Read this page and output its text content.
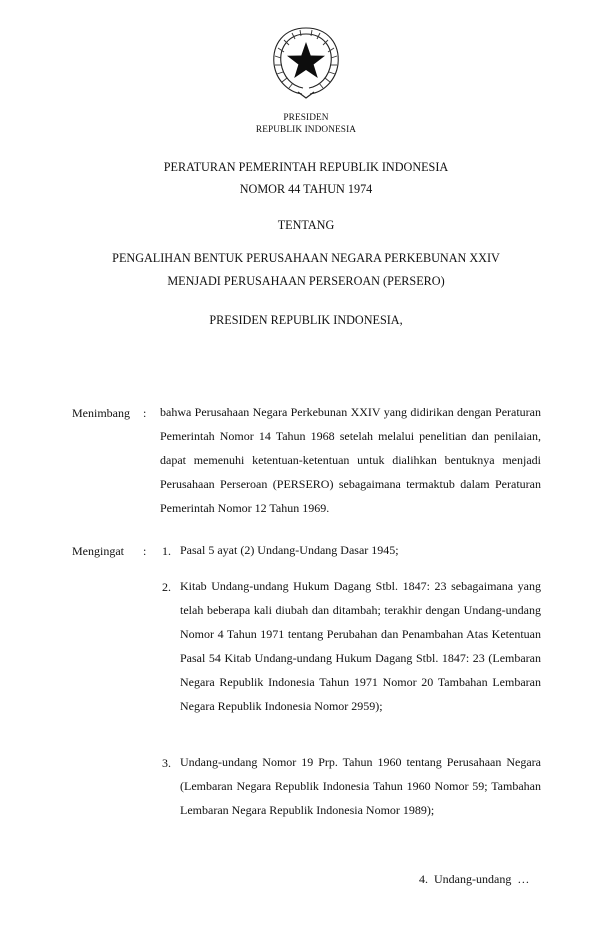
PRESIDEN
REPUBLIK INDONESIA
PERATURAN PEMERINTAH REPUBLIK INDONESIA
NOMOR 44 TAHUN 1974
TENTANG
PENGALIHAN BENTUK PERUSAHAAN NEGARA PERKEBUNAN XXIV
MENJADI PERUSAHAAN PERSEROAN (PERSERO)
PRESIDEN REPUBLIK INDONESIA,
Menimbang : bahwa Perusahaan Negara Perkebunan XXIV yang didirikan dengan Peraturan Pemerintah Nomor 14 Tahun 1968 setelah melalui penelitian dan penilaian, dapat memenuhi ketentuan-ketentuan untuk dialihkan bentuknya menjadi Perusahaan Perseroan (PERSERO) sebagaimana termaktub dalam Peraturan Pemerintah Nomor 12 Tahun 1969.
Mengingat : 1. Pasal 5 ayat (2) Undang-Undang Dasar 1945;
2. Kitab Undang-undang Hukum Dagang Stbl. 1847: 23 sebagaimana yang telah beberapa kali diubah dan ditambah; terakhir dengan Undang-undang Nomor 4 Tahun 1971 tentang Perubahan dan Penambahan Atas Ketentuan Pasal 54 Kitab Undang-undang Hukum Dagang Stbl. 1847: 23 (Lembaran Negara Republik Indonesia Tahun 1971 Nomor 20 Tambahan Lembaran Negara Republik Indonesia Nomor 2959);
3. Undang-undang Nomor 19 Prp. Tahun 1960 tentang Perusahaan Negara (Lembaran Negara Republik Indonesia Tahun 1960 Nomor 59; Tambahan Lembaran Negara Republik Indonesia Nomor 1989);
4.  Undang-undang  …
